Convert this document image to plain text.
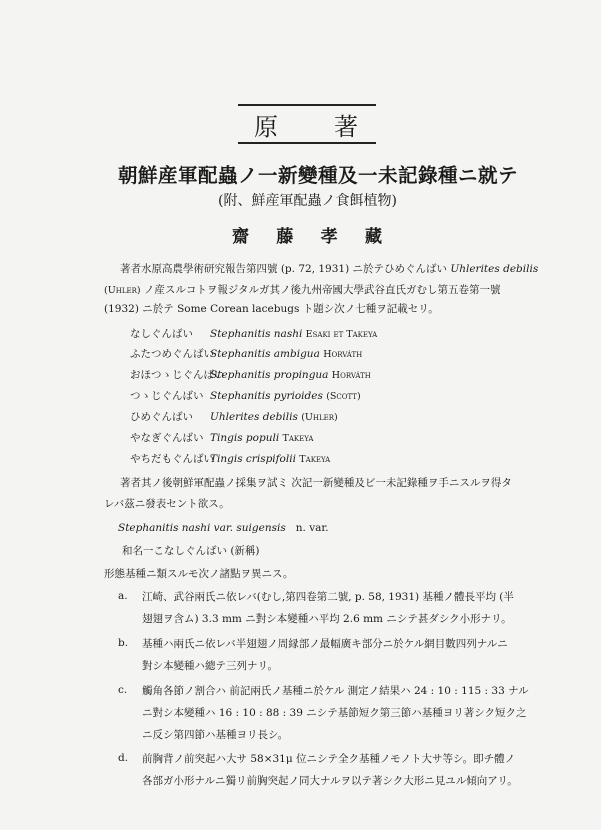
原 著
朝鮮産軍配蟲ノ一新變種及一未記錄種ニ就テ
(附、鮮産軍配蟲ノ食餌植物)
齋 藤 孝 藏
著者水原高農學術研究報告第四號 (p. 72, 1931) ニ於テひめぐんばい Uhlerites debilis
(Uhler) ノ産スルコトヲ報ジタルガ其ノ後九州帝國大學武谷直氏ガむし第五卷第一號
(1932) ニ於テ Some Corean lacebugs ト題シ次ノ七種ヲ記載セリ。
なしぐんばい Stephanitis nashi Esaki et Takeya
ふたつめぐんばいStephanitis ambigua Horváth
おほつゝじぐんばいStephanitis propingua Horváth
つゝじぐんばい Stephanitis pyrioides (Scott)
ひめぐんばい Uhlerites debilis (Uhler)
やなぎぐんばい Tingis populi Takeya
やちだもぐんばいTingis crispifolii Takeya
著者其ノ後朝鮮軍配蟲ノ採集ヲ試ミ 次記一新變種及ビ一未記錄種ヲ手ニスルヲ得タ
レバ茲ニ發表セント欲ス。
Stephanitis nashi var. suigensis n. var.
和名一こなしぐんばい (新稱)
形態基種ニ類スルモ次ノ諸點ヲ異ニス。
a. 江崎、武谷兩氏ニ依レバ(むし,第四卷第二號, p. 58, 1931) 基種ノ體長平均 (半
翅翅ヲ含ム) 3.3 mm ニ對シ本變種ハ平均 2.6 mm ニシテ甚ダシク小形ナリ。
b. 基種ハ兩氏ニ依レバ半翅翅ノ周縁部ノ最幅廣キ部分ニ於ケル網目數四列ナルニ
對シ本變種ハ總テ三列ナリ。
c. 觸角各節ノ割合ハ 前記兩氏ノ基種ニ於ケル 測定ノ結果ハ 24 : 10 : 115 : 33 ナル
ニ對シ本變種ハ 16 : 10 : 88 : 39 ニシテ基節短ク第三節ハ基種ヨリ著シク短ク之
ニ反シ第四節ハ基種ヨリ長シ。
d. 前胸背ノ前突起ハ大サ 58×31μ 位ニシテ全ク基種ノモノト大サ等シ。即チ體ノ
各部ガ小形ナルニ獨リ前胸突起ノ同大ナルヲ以テ著シク大形ニ見ユル傾向アリ。
